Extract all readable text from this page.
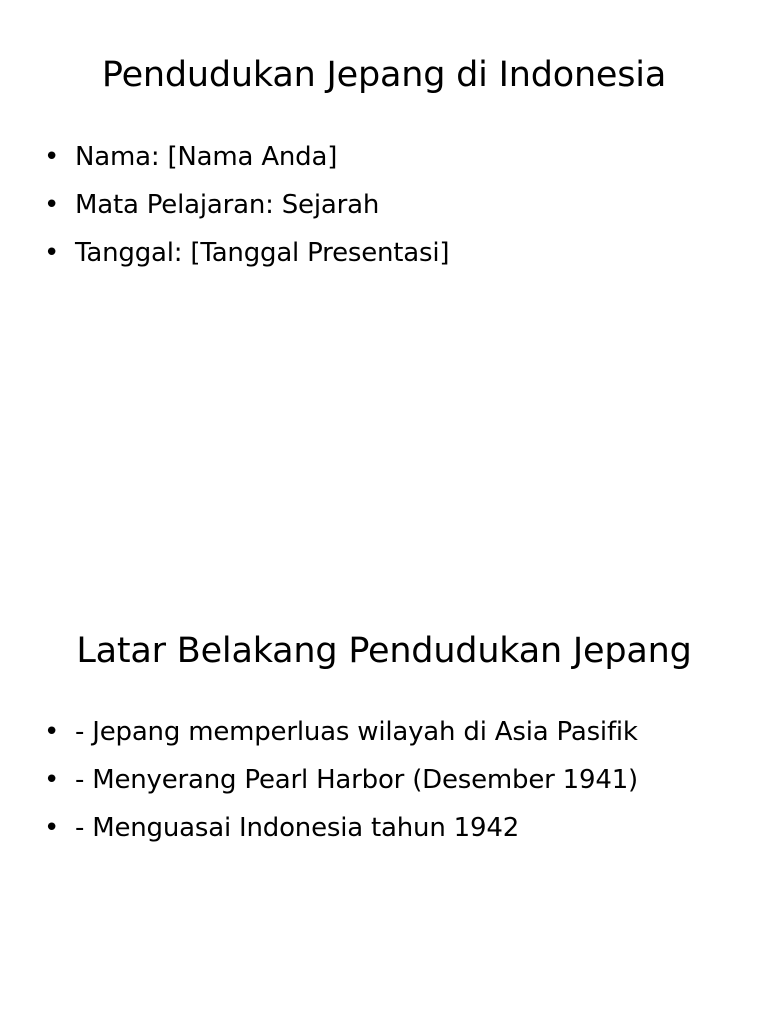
Pendudukan Jepang di Indonesia
• Nama: [Nama Anda]
• Mata Pelajaran: Sejarah
• Tanggal: [Tanggal Presentasi]
Latar Belakang Pendudukan Jepang
• - Jepang memperluas wilayah di Asia Pasifik
• - Menyerang Pearl Harbor (Desember 1941)
• - Menguasai Indonesia tahun 1942
